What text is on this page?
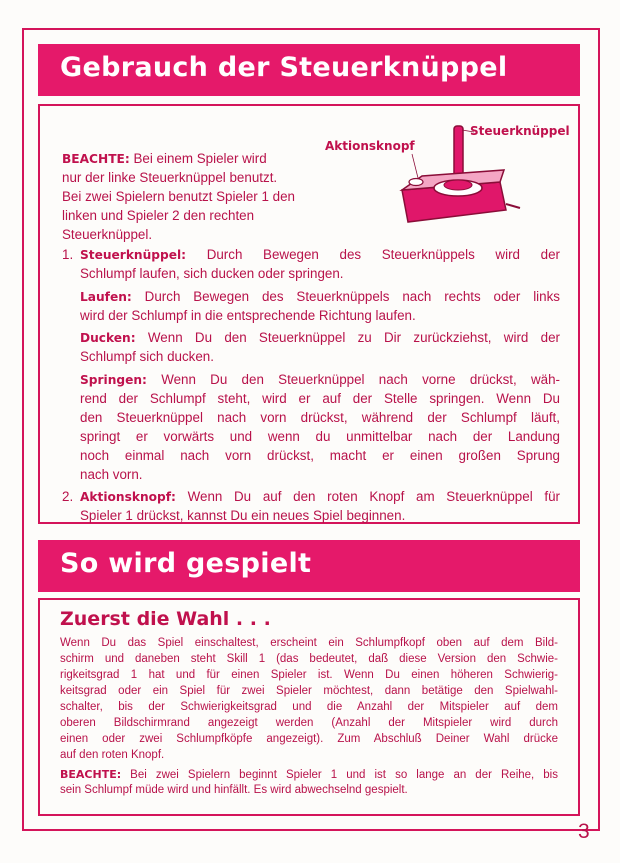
Gebrauch der Steuerknüppel
Aktionsknopf
Steuerknüppel
BEACHTE: Bei einem Spieler wird
nur der linke Steuerknüppel benutzt.
Bei zwei Spielern benutzt Spieler 1 den
linken und Spieler 2 den rechten
Steuerknüppel.
1. Steuerknüppel: Durch Bewegen des Steuerknüppels wird der
Schlumpf laufen, sich ducken oder springen.
Laufen: Durch Bewegen des Steuerknüppels nach rechts oder links
wird der Schlumpf in die entsprechende Richtung laufen.
Ducken: Wenn Du den Steuerknüppel zu Dir zurückziehst, wird der
Schlumpf sich ducken.
Springen: Wenn Du den Steuerknüppel nach vorne drückst, wäh-
rend der Schlumpf steht, wird er auf der Stelle springen. Wenn Du
den Steuerknüppel nach vorn drückst, während der Schlumpf läuft,
springt er vorwärts und wenn du unmittelbar nach der Landung
noch einmal nach vorn drückst, macht er einen großen Sprung
nach vorn.
2. Aktionsknopf: Wenn Du auf den roten Knopf am Steuerknüppel für
Spieler 1 drückst, kannst Du ein neues Spiel beginnen.
So wird gespielt
Zuerst die Wahl . . .
Wenn Du das Spiel einschaltest, erscheint ein Schlumpfkopf oben auf dem Bild-
schirm und daneben steht Skill 1 (das bedeutet, daß diese Version den Schwie-
rigkeitsgrad 1 hat und für einen Spieler ist. Wenn Du einen höheren Schwierig-
keitsgrad oder ein Spiel für zwei Spieler möchtest, dann betätige den Spielwahl-
schalter, bis der Schwierigkeitsgrad und die Anzahl der Mitspieler auf dem
oberen Bildschirmrand angezeigt werden (Anzahl der Mitspieler wird durch
einen oder zwei Schlumpfköpfe angezeigt). Zum Abschluß Deiner Wahl drücke
auf den roten Knopf.
BEACHTE: Bei zwei Spielern beginnt Spieler 1 und ist so lange an der Reihe, bis
sein Schlumpf müde wird und hinfällt. Es wird abwechselnd gespielt.
3
